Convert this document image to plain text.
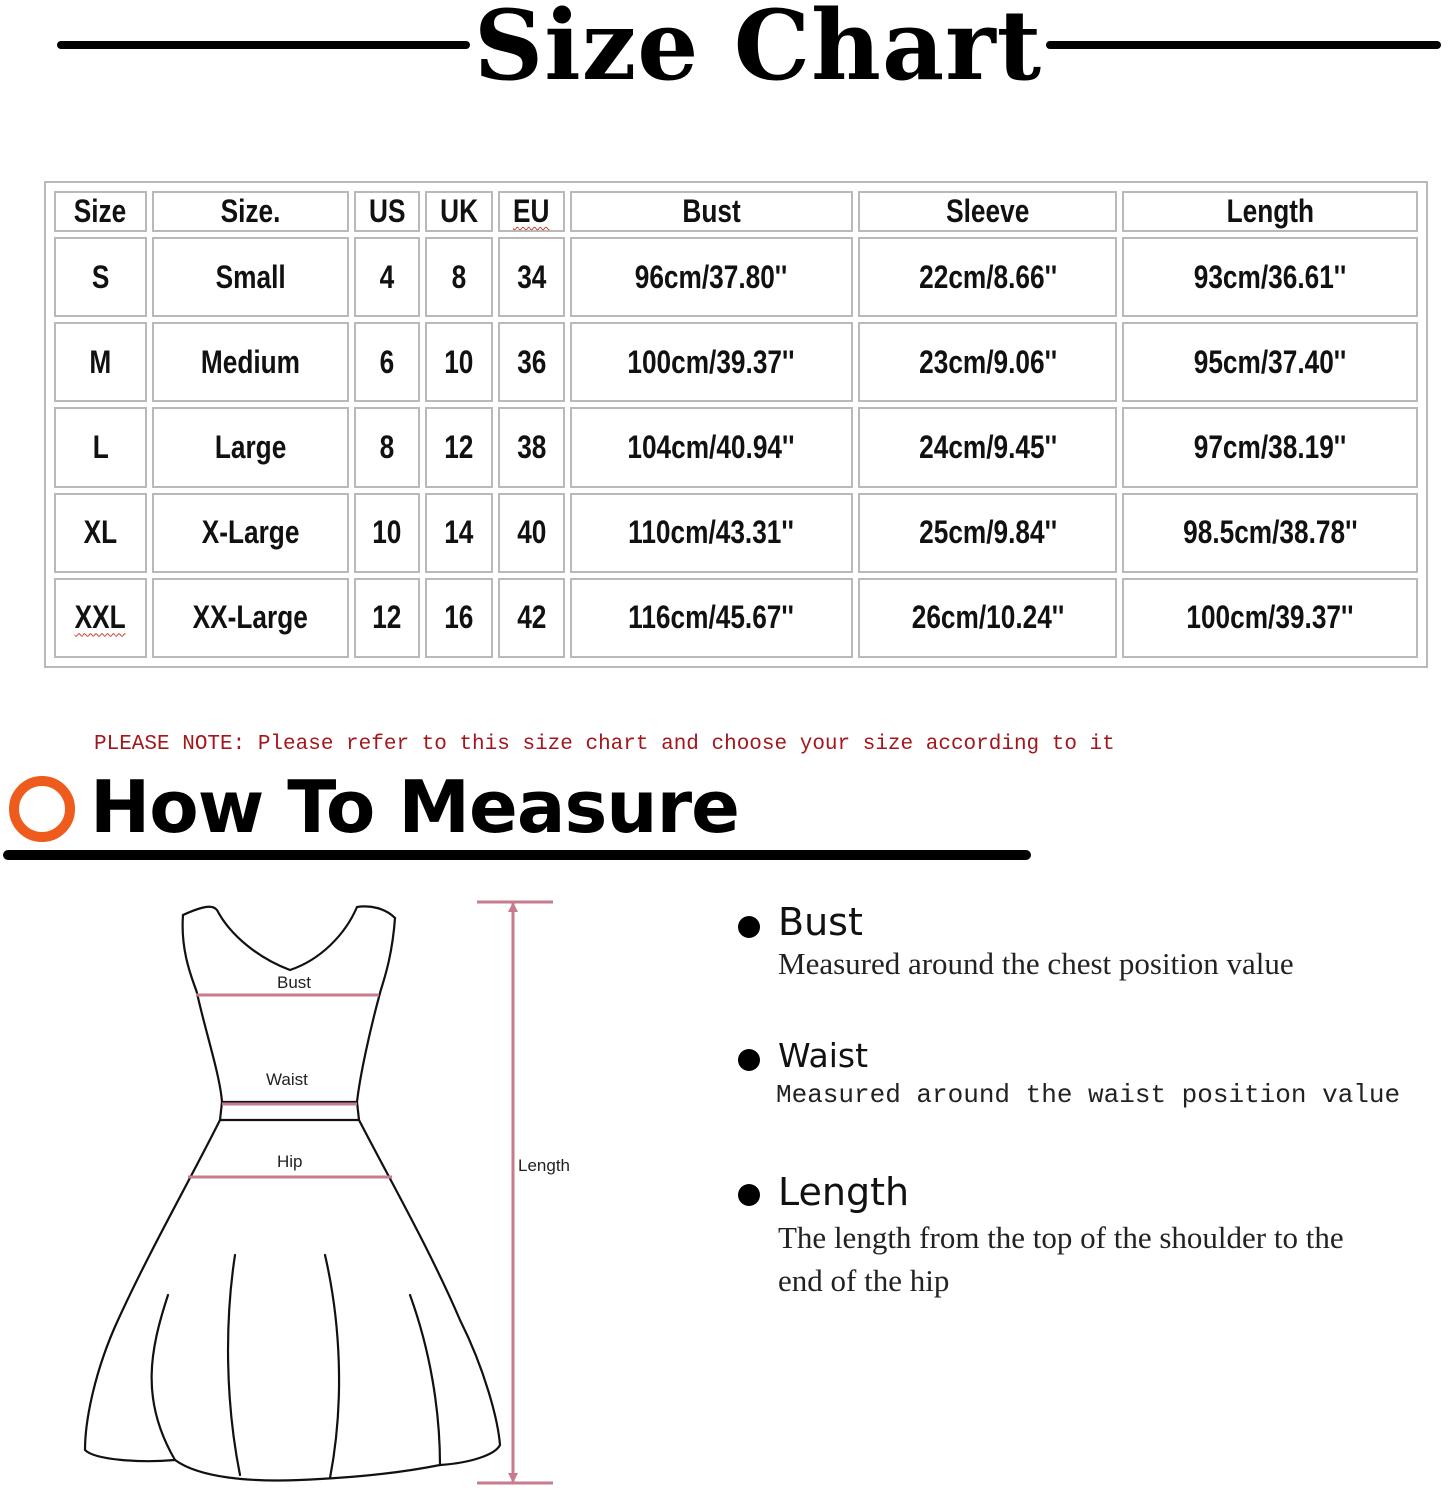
Size Chart
Size	Size.	US	UK	EU	Bust	Sleeve	Length
S	Small	4	8	34	96cm/37.80''	22cm/8.66''	93cm/36.61''
M	Medium	6	10	36	100cm/39.37''	23cm/9.06''	95cm/37.40''
L	Large	8	12	38	104cm/40.94''	24cm/9.45''	97cm/38.19''
XL	X-Large	10	14	40	110cm/43.31''	25cm/9.84''	98.5cm/38.78''
XXL	XX-Large	12	16	42	116cm/45.67''	26cm/10.24''	100cm/39.37''
PLEASE NOTE: Please refer to this size chart and choose your size according to it
How To Measure
Bust
Waist
Hip	Length
Bust
Measured around the chest position value
Waist
Measured around the waist position value
Length
The length from the top of the shoulder to the end of the hip
